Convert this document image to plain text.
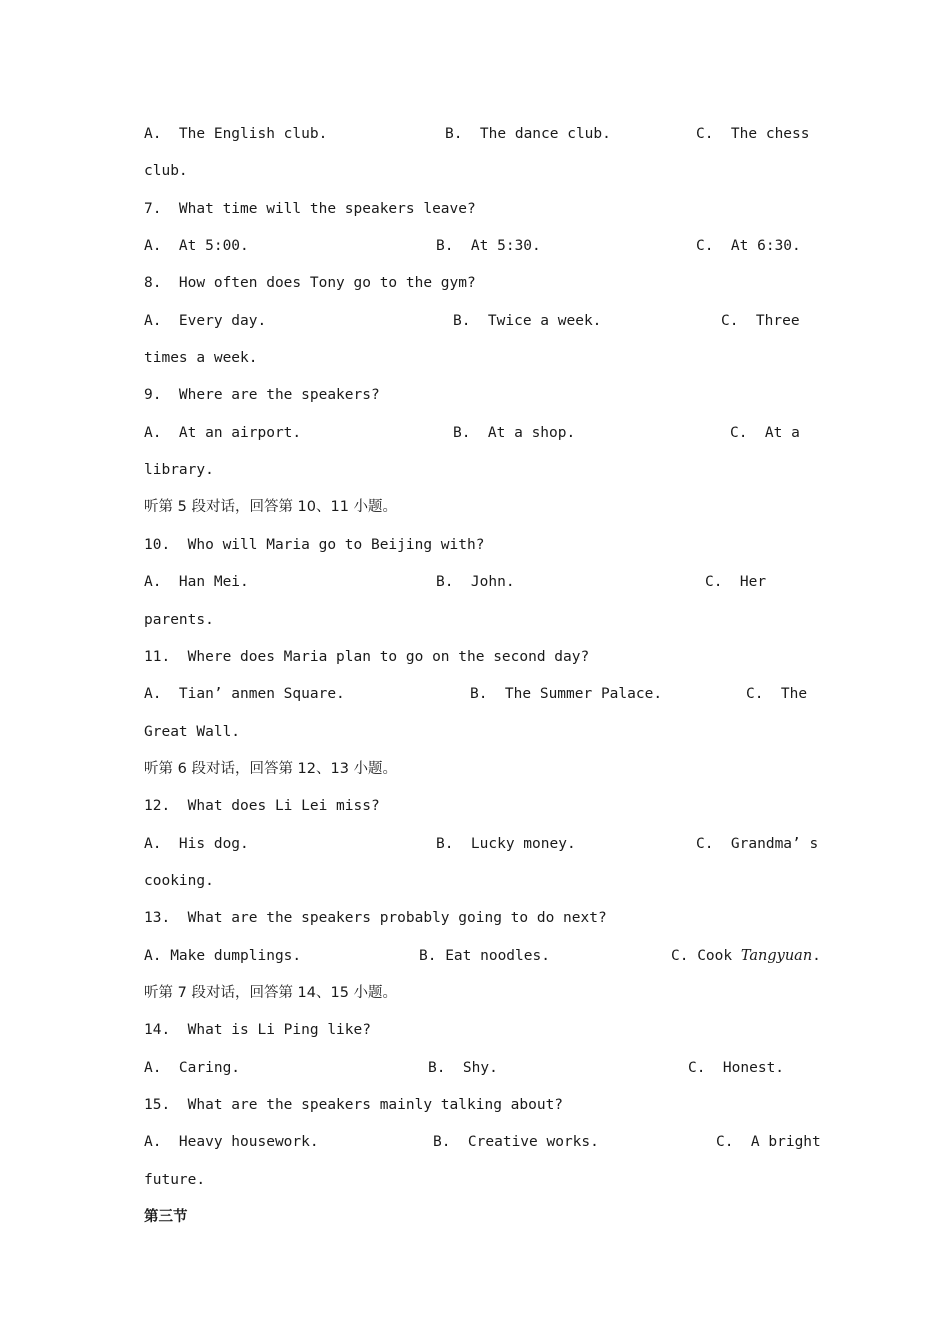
A.  The English club.

	B.  The dance club.

	C.  The chess

club.

7.  What time will the speakers leave?

A.  At 5:00.

	B.  At 5:30.

	C.  At 6:30.

8.  How often does Tony go to the gym?

A.  Every day.

	B.  Twice a week.

	C.  Three

times a week.

9.  Where are the speakers?

A.  At an airport.

	B.  At a shop.

	C.  At a

library.

听第 5 段对话，回答第 10、11 小题。
10.  Who will Maria go to Beijing with?

A.  Han Mei.

	B.  John.

	C.  Her

parents.

11.  Where does Maria plan to go on the second day?

A.  Tian’ anmen Square.

	B.  The Summer Palace.

	C.  The

Great Wall.

听第 6 段对话，回答第 12、13 小题。
12.  What does Li Lei miss?

A.  His dog.

	B.  Lucky money.

	C.  Grandma’ s

cooking.

13.  What are the speakers probably going to do next?

A. Make dumplings.

	B. Eat noodles.

	C. Cook Tangyuan.

听第 7 段对话，回答第 14、15 小题。
14.  What is Li Ping like?

A.  Caring.

	B.  Shy.

	C.  Honest.

15.  What are the speakers mainly talking about?

A.  Heavy housework.

	B.  Creative works.

	C.  A bright

future.

第三节
